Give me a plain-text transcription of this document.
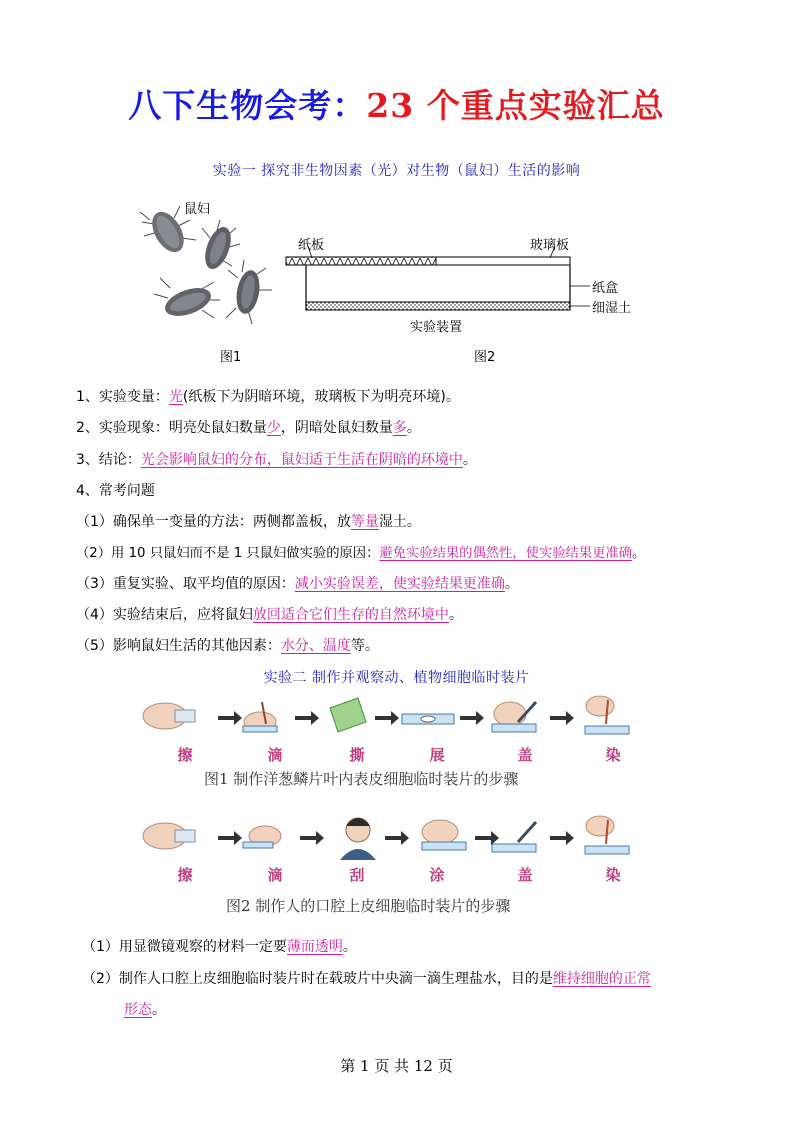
八下生物会考：23 个重点实验汇总
实验一 探究非生物因素（光）对生物（鼠妇）生活的影响
鼠妇
图1
纸板	玻璃板
纸盒
细湿土
实验装置
图2
1、实验变量：光(纸板下为阴暗环境，玻璃板下为明亮环境)。
2、实验现象：明亮处鼠妇数量少，阴暗处鼠妇数量多。
3、结论：光会影响鼠妇的分布，鼠妇适于生活在阴暗的环境中。
4、常考问题
（1）确保单一变量的方法：两侧都盖板，放等量湿土。
（2）用 10 只鼠妇而不是 1 只鼠妇做实验的原因：避免实验结果的偶然性，使实验结果更准确。
（3）重复实验、取平均值的原因：减小实验误差，使实验结果更准确。
（4）实验结束后，应将鼠妇放回适合它们生存的自然环境中。
（5）影响鼠妇生活的其他因素：水分、温度等。
实验二 制作并观察动、植物细胞临时装片
擦	滴	撕	展	盖	染
图1 制作洋葱鳞片叶内表皮细胞临时装片的步骤
擦	滴	刮	涂	盖	染
图2 制作人的口腔上皮细胞临时装片的步骤
（1）用显微镜观察的材料一定要薄而透明。
（2）制作人口腔上皮细胞临时装片时在载玻片中央滴一滴生理盐水，目的是维持细胞的正常
形态。
第 1 页 共 12 页
